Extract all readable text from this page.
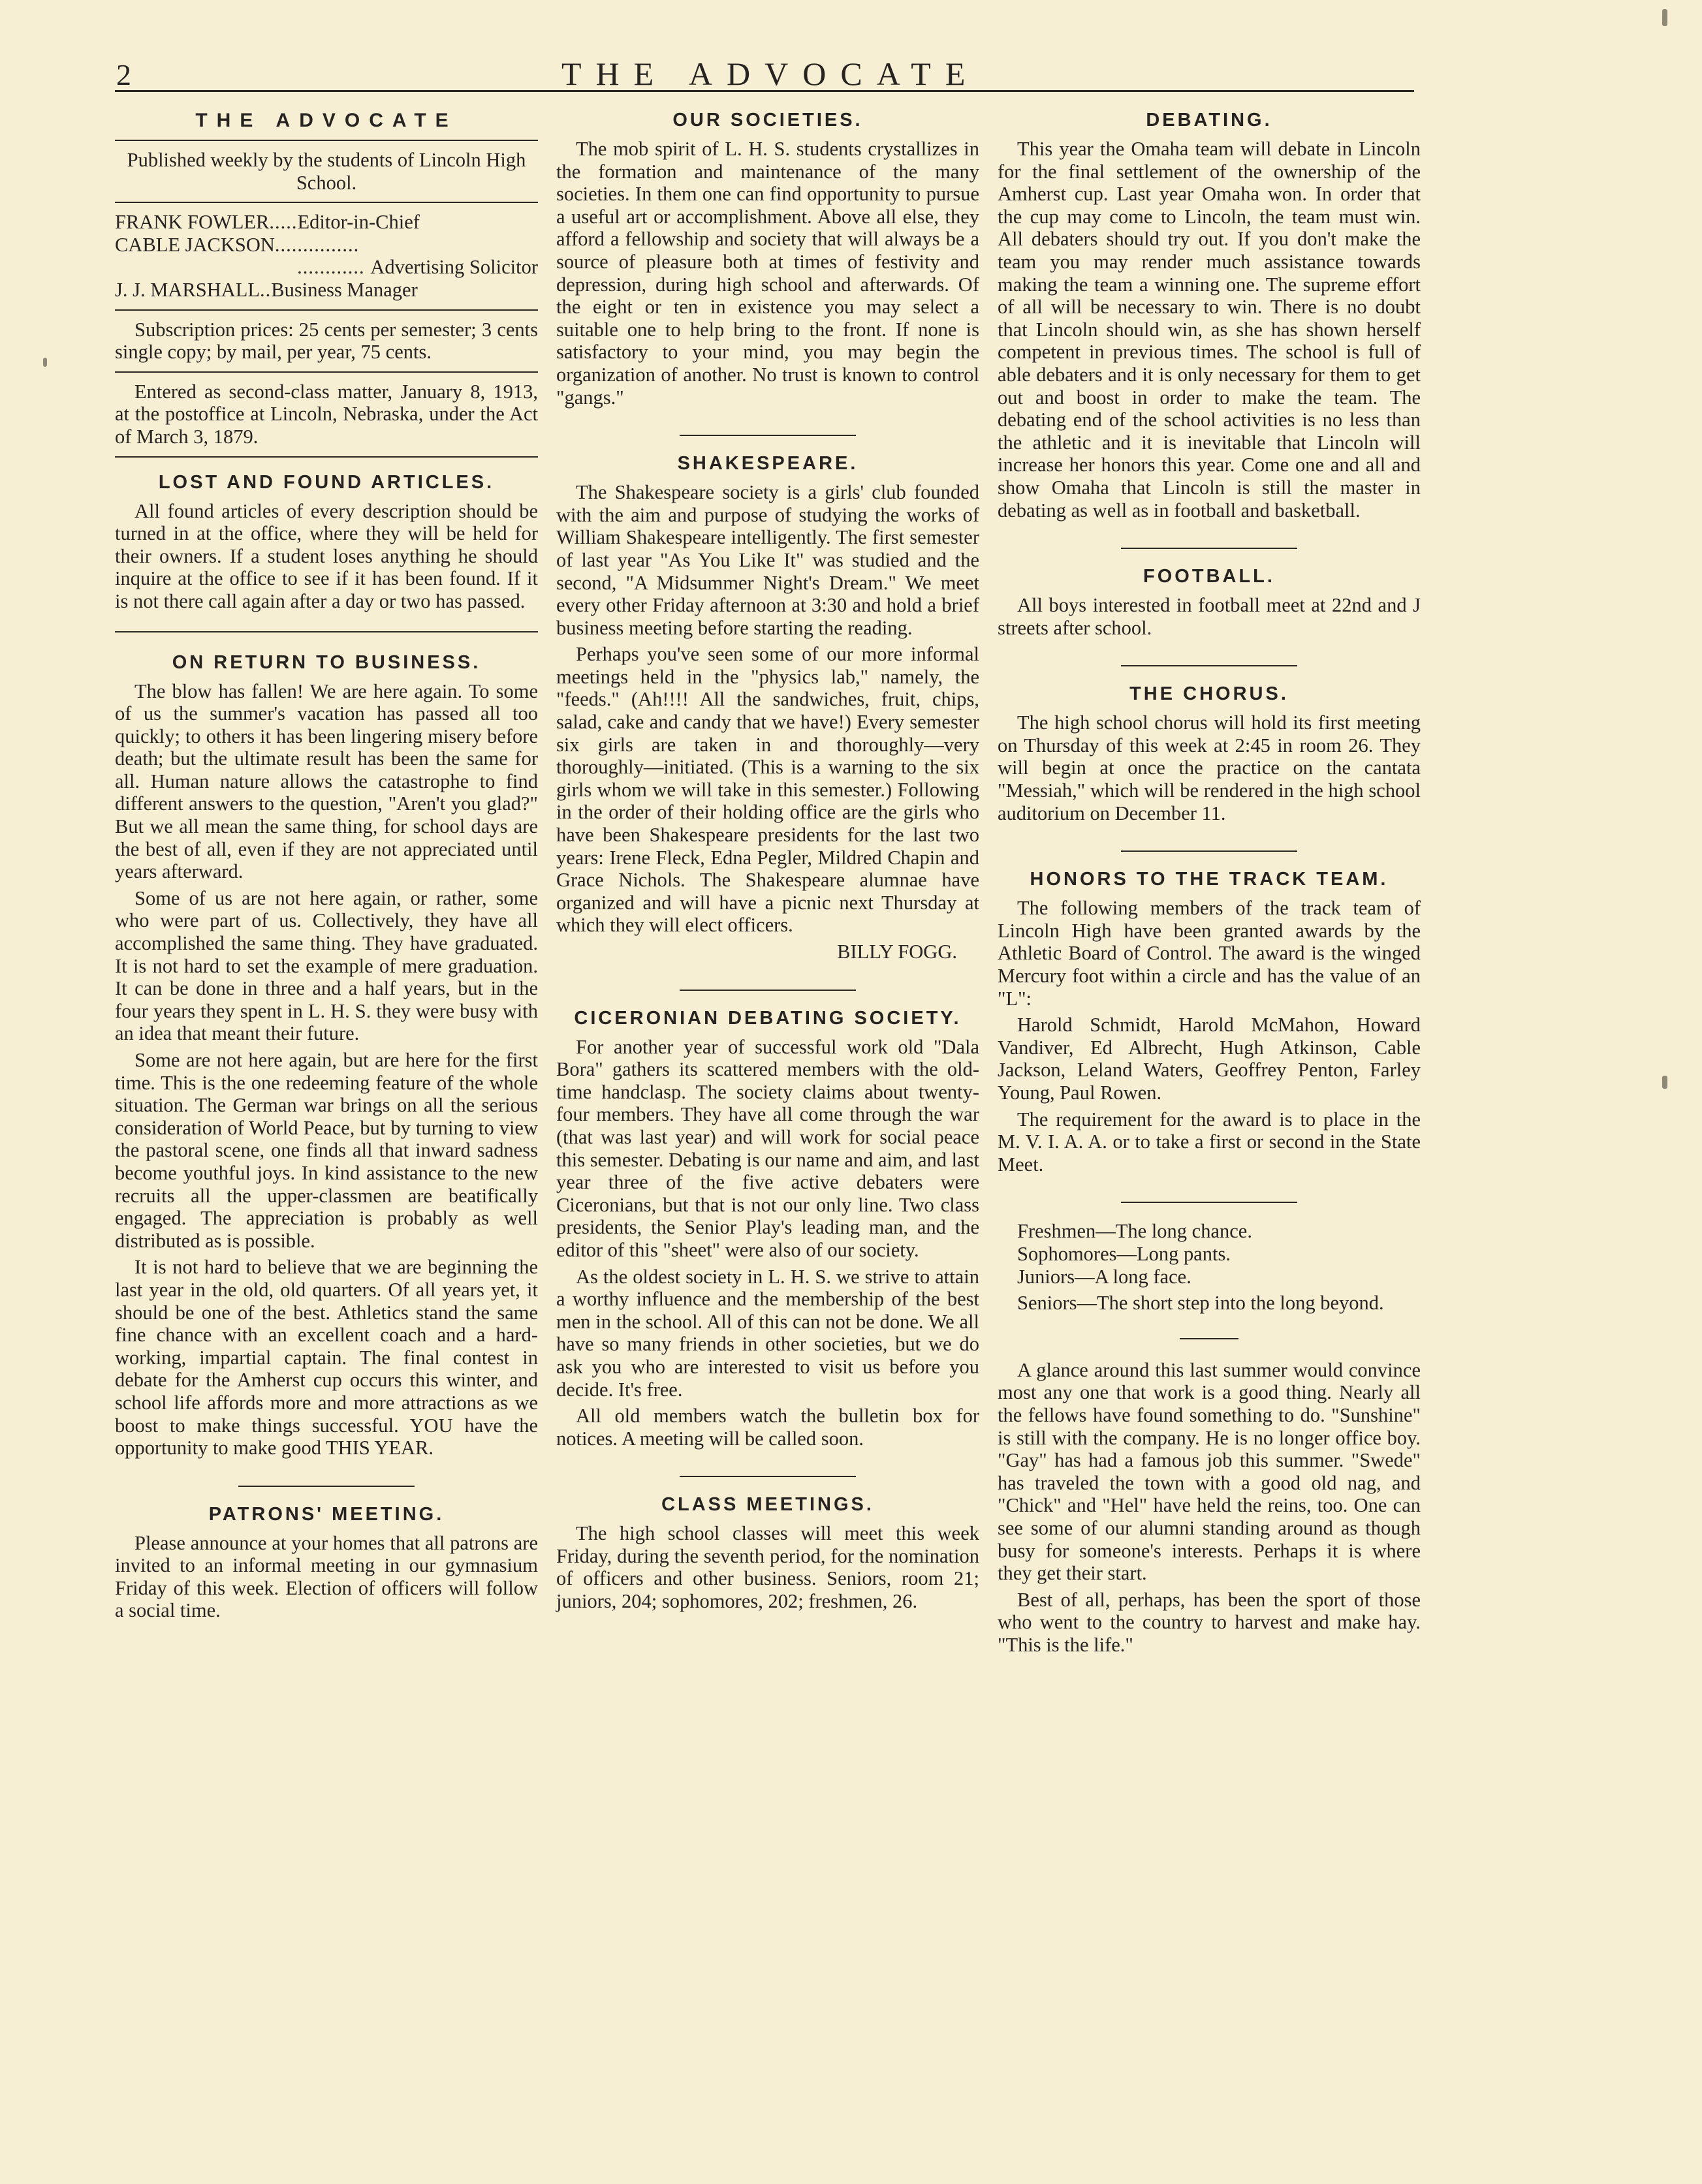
2	THE ADVOCATE
THE ADVOCATE

Published weekly by the students of Lincoln High School.

FRANK FOWLER.....Editor-in-Chief
CABLE JACKSON...............
............ Advertising Solicitor
J. J. MARSHALL..Business Manager

Subscription prices: 25 cents per semester; 3 cents single copy; by mail, per year, 75 cents.

Entered as second-class matter, January 8, 1913, at the postoffice at Lincoln, Nebraska, under the Act of March 3, 1879.

LOST AND FOUND ARTICLES.

All found articles of every description should be turned in at the office, where they will be held for their owners. If a student loses anything he should inquire at the office to see if it has been found. If it is not there call again after a day or two has passed.

ON RETURN TO BUSINESS.

The blow has fallen! We are here again. To some of us the summer's vacation has passed all too quickly; to others it has been lingering misery before death; but the ultimate result has been the same for all. Human nature allows the catastrophe to find different answers to the question, "Aren't you glad?" But we all mean the same thing, for school days are the best of all, even if they are not appreciated until years afterward.

Some of us are not here again, or rather, some who were part of us. Collectively, they have all accomplished the same thing. They have graduated. It is not hard to set the example of mere graduation. It can be done in three and a half years, but in the four years they spent in L. H. S. they were busy with an idea that meant their future.

Some are not here again, but are here for the first time. This is the one redeeming feature of the whole situation. The German war brings on all the serious consideration of World Peace, but by turning to view the pastoral scene, one finds all that inward sadness become youthful joys. In kind assistance to the new recruits all the upper-classmen are beatifically engaged. The appreciation is probably as well distributed as is possible.

It is not hard to believe that we are beginning the last year in the old, old quarters. Of all years yet, it should be one of the best. Athletics stand the same fine chance with an excellent coach and a hard-working, impartial captain. The final contest in debate for the Amherst cup occurs this winter, and school life affords more and more attractions as we boost to make things successful. YOU have the opportunity to make good THIS YEAR.

PATRONS' MEETING.

Please announce at your homes that all patrons are invited to an informal meeting in our gymnasium Friday of this week. Election of officers will follow a social time.

OUR SOCIETIES.

The mob spirit of L. H. S. students crystallizes in the formation and maintenance of the many societies. In them one can find opportunity to pursue a useful art or accomplishment. Above all else, they afford a fellowship and society that will always be a source of pleasure both at times of festivity and depression, during high school and afterwards. Of the eight or ten in existence you may select a suitable one to help bring to the front. If none is satisfactory to your mind, you may begin the organization of another. No trust is known to control "gangs."

SHAKESPEARE.

The Shakespeare society is a girls' club founded with the aim and purpose of studying the works of William Shakespeare intelligently. The first semester of last year "As You Like It" was studied and the second, "A Midsummer Night's Dream." We meet every other Friday afternoon at 3:30 and hold a brief business meeting before starting the reading.

Perhaps you've seen some of our more informal meetings held in the "physics lab," namely, the "feeds." (Ah!!!! All the sandwiches, fruit, chips, salad, cake and candy that we have!) Every semester six girls are taken in and thoroughly—very thoroughly—initiated. (This is a warning to the six girls whom we will take in this semester.) Following in the order of their holding office are the girls who have been Shakespeare presidents for the last two years: Irene Fleck, Edna Pegler, Mildred Chapin and Grace Nichols. The Shakespeare alumnae have organized and will have a picnic next Thursday at which they will elect officers.

BILLY FOGG.

CICERONIAN DEBATING SOCIETY.

For another year of successful work old "Dala Bora" gathers its scattered members with the old-time handclasp. The society claims about twenty-four members. They have all come through the war (that was last year) and will work for social peace this semester. Debating is our name and aim, and last year three of the five active debaters were Ciceronians, but that is not our only line. Two class presidents, the Senior Play's leading man, and the editor of this "sheet" were also of our society.

As the oldest society in L. H. S. we strive to attain a worthy influence and the membership of the best men in the school. All of this can not be done. We all have so many friends in other societies, but we do ask you who are interested to visit us before you decide. It's free.

All old members watch the bulletin box for notices. A meeting will be called soon.

CLASS MEETINGS.

The high school classes will meet this week Friday, during the seventh period, for the nomination of officers and other business. Seniors, room 21; juniors, 204; sophomores, 202; freshmen, 26.

DEBATING.

This year the Omaha team will debate in Lincoln for the final settlement of the ownership of the Amherst cup. Last year Omaha won. In order that the cup may come to Lincoln, the team must win. All debaters should try out. If you don't make the team you may render much assistance towards making the team a winning one. The supreme effort of all will be necessary to win. There is no doubt that Lincoln should win, as she has shown herself competent in previous times. The school is full of able debaters and it is only necessary for them to get out and boost in order to make the team. The debating end of the school activities is no less than the athletic and it is inevitable that Lincoln will increase her honors this year. Come one and all and show Omaha that Lincoln is still the master in debating as well as in football and basketball.

FOOTBALL.

All boys interested in football meet at 22nd and J streets after school.

THE CHORUS.

The high school chorus will hold its first meeting on Thursday of this week at 2:45 in room 26. They will begin at once the practice on the cantata "Messiah," which will be rendered in the high school auditorium on December 11.

HONORS TO THE TRACK TEAM.

The following members of the track team of Lincoln High have been granted awards by the Athletic Board of Control. The award is the winged Mercury foot within a circle and has the value of an "L":

Harold Schmidt, Harold McMahon, Howard Vandiver, Ed Albrecht, Hugh Atkinson, Cable Jackson, Leland Waters, Geoffrey Penton, Farley Young, Paul Rowen.

The requirement for the award is to place in the M. V. I. A. A. or to take a first or second in the State Meet.

Freshmen—The long chance.

Sophomores—Long pants.

Juniors—A long face.

Seniors—The short step into the long beyond.

A glance around this last summer would convince most any one that work is a good thing. Nearly all the fellows have found something to do. "Sunshine" is still with the company. He is no longer office boy. "Gay" has had a famous job this summer. "Swede" has traveled the town with a good old nag, and "Chick" and "Hel" have held the reins, too. One can see some of our alumni standing around as though busy for someone's interests. Perhaps it is where they get their start.

Best of all, perhaps, has been the sport of those who went to the country to harvest and make hay. "This is the life."
